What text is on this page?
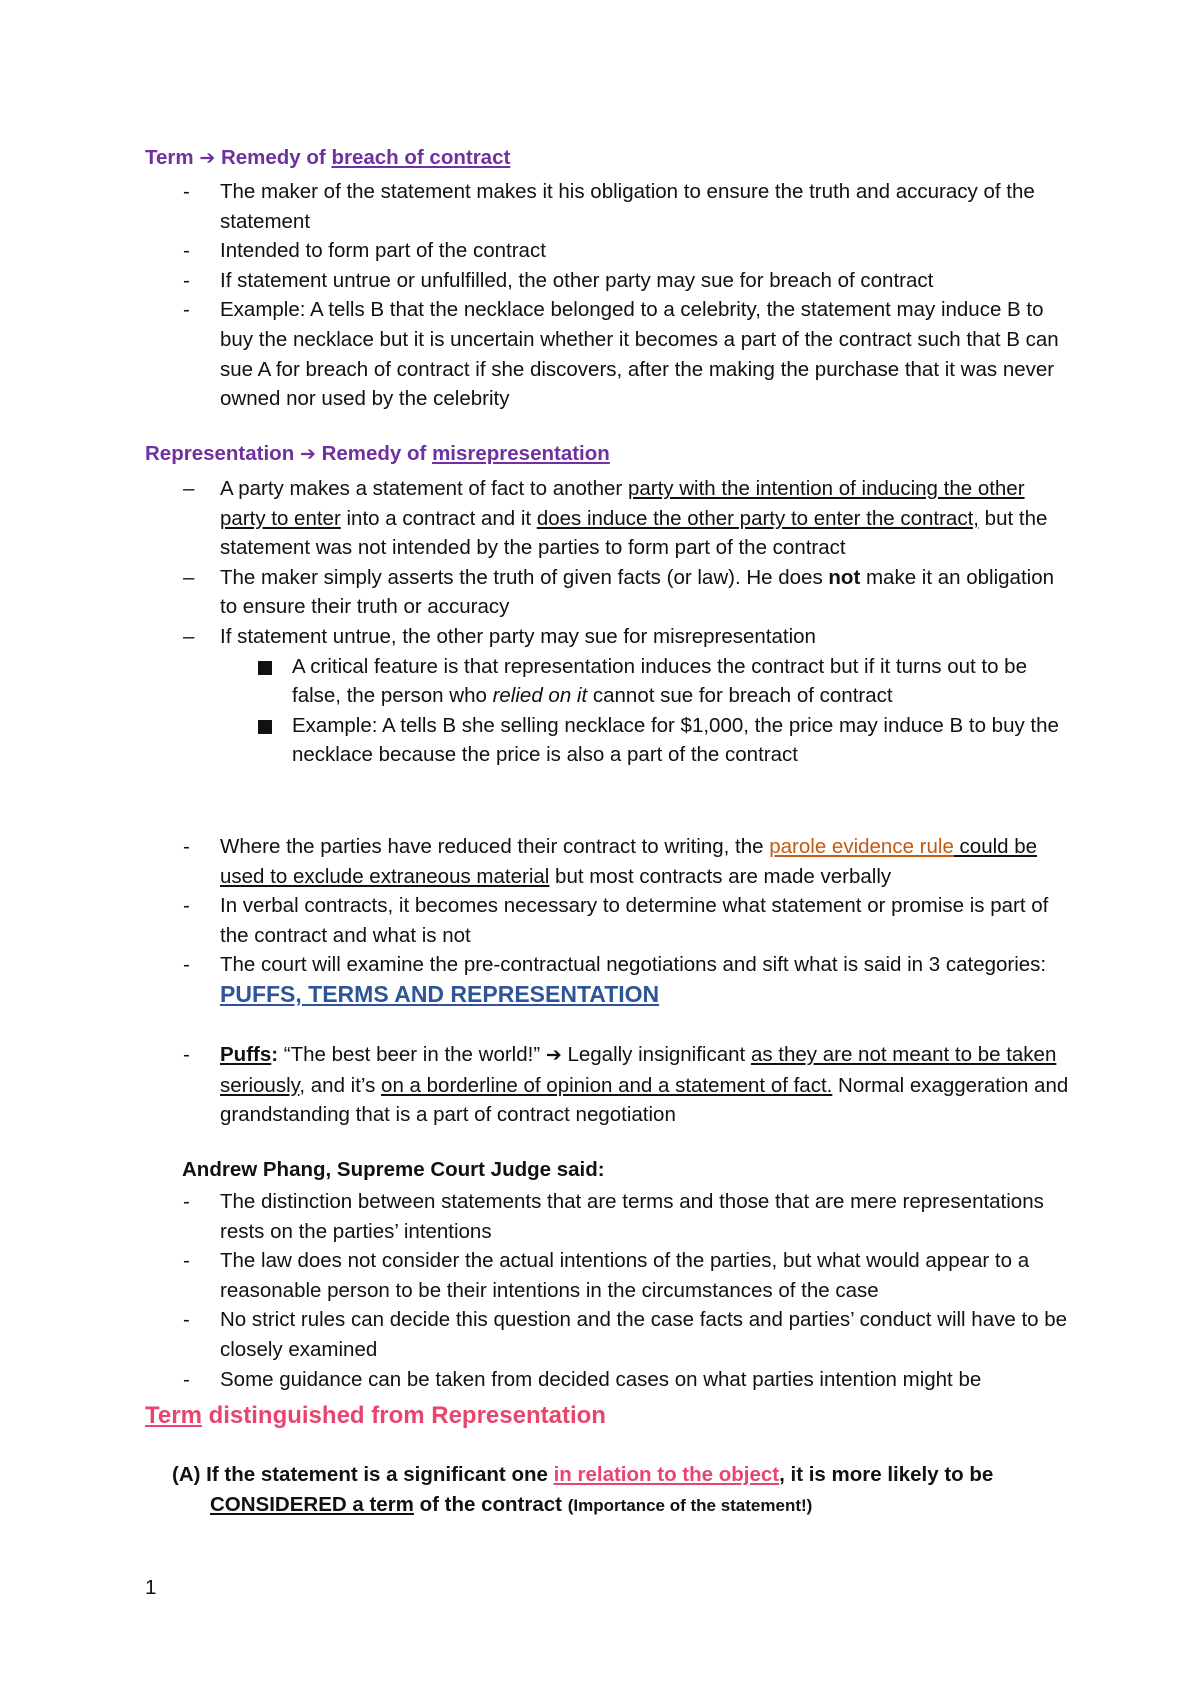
Term ➔ Remedy of breach of contract
- The maker of the statement makes it his obligation to ensure the truth and accuracy of the statement
- Intended to form part of the contract
- If statement untrue or unfulfilled, the other party may sue for breach of contract
- Example: A tells B that the necklace belonged to a celebrity, the statement may induce B to buy the necklace but it is uncertain whether it becomes a part of the contract such that B can sue A for breach of contract if she discovers, after the making the purchase that it was never owned nor used by the celebrity
Representation ➔ Remedy of misrepresentation
– A party makes a statement of fact to another party with the intention of inducing the other party to enter into a contract and it does induce the other party to enter the contract, but the statement was not intended by the parties to form part of the contract
– The maker simply asserts the truth of given facts (or law). He does not make it an obligation to ensure their truth or accuracy
– If statement untrue, the other party may sue for misrepresentation
A critical feature is that representation induces the contract but if it turns out to be false, the person who relied on it cannot sue for breach of contract
Example: A tells B she selling necklace for $1,000, the price may induce B to buy the necklace because the price is also a part of the contract
- Where the parties have reduced their contract to writing, the parole evidence rule could be used to exclude extraneous material but most contracts are made verbally
- In verbal contracts, it becomes necessary to determine what statement or promise is part of the contract and what is not
- The court will examine the pre-contractual negotiations and sift what is said in 3 categories: PUFFS, TERMS AND REPRESENTATION
- Puffs: “The best beer in the world!” ➔ Legally insignificant as they are not meant to be taken seriously, and it’s on a borderline of opinion and a statement of fact. Normal exaggeration and grandstanding that is a part of contract negotiation
Andrew Phang, Supreme Court Judge said:
- The distinction between statements that are terms and those that are mere representations rests on the parties’ intentions
- The law does not consider the actual intentions of the parties, but what would appear to a reasonable person to be their intentions in the circumstances of the case
- No strict rules can decide this question and the case facts and parties’ conduct will have to be closely examined
- Some guidance can be taken from decided cases on what parties intention might be
Term distinguished from Representation
(A) If the statement is a significant one in relation to the object, it is more likely to be
CONSIDERED a term of the contract (Importance of the statement!)
1
